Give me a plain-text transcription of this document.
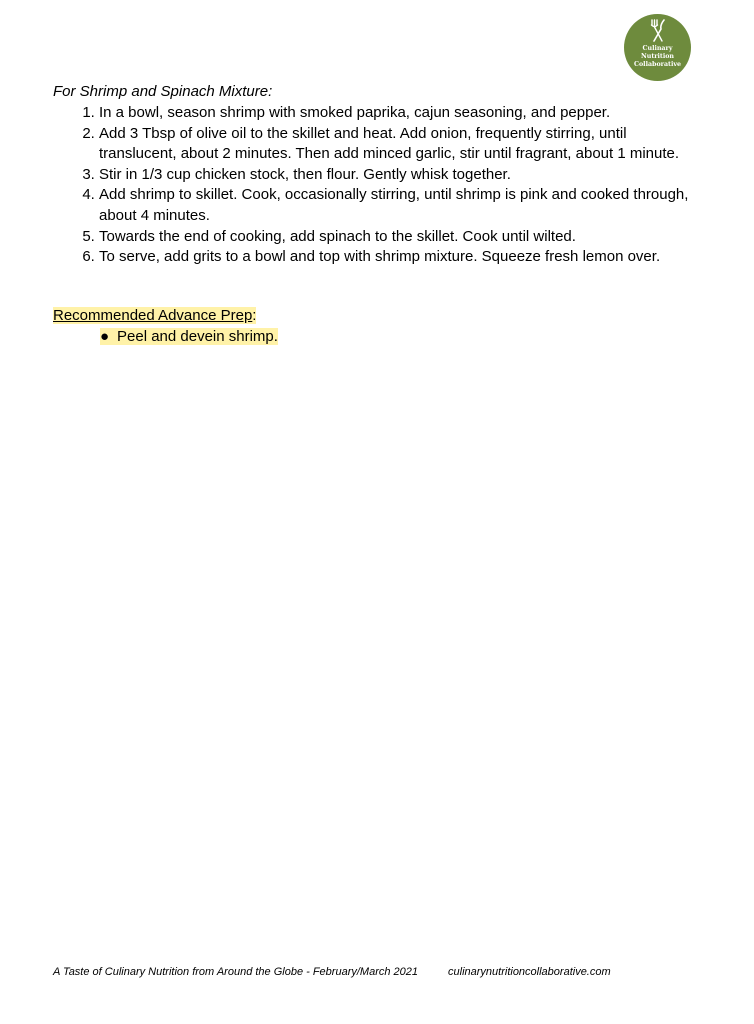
Culinary
Nutrition
Collaborative

For Shrimp and Spinach Mixture:

1. In a bowl, season shrimp with smoked paprika, cajun seasoning, and pepper.
2. Add 3 Tbsp of olive oil to the skillet and heat. Add onion, frequently stirring, until translucent, about 2 minutes. Then add minced garlic, stir until fragrant, about 1 minute.
3. Stir in 1/3 cup chicken stock, then flour. Gently whisk together.
4. Add shrimp to skillet. Cook, occasionally stirring, until shrimp is pink and cooked through, about 4 minutes.
5. Towards the end of cooking, add spinach to the skillet. Cook until wilted.
6. To serve, add grits to a bowl and top with shrimp mixture. Squeeze fresh lemon over.

Recommended Advance Prep:

● Peel and devein shrimp.
A Taste of Culinary Nutrition from Around the Globe - February/March 2021	culinarynutritioncollaborative.com
